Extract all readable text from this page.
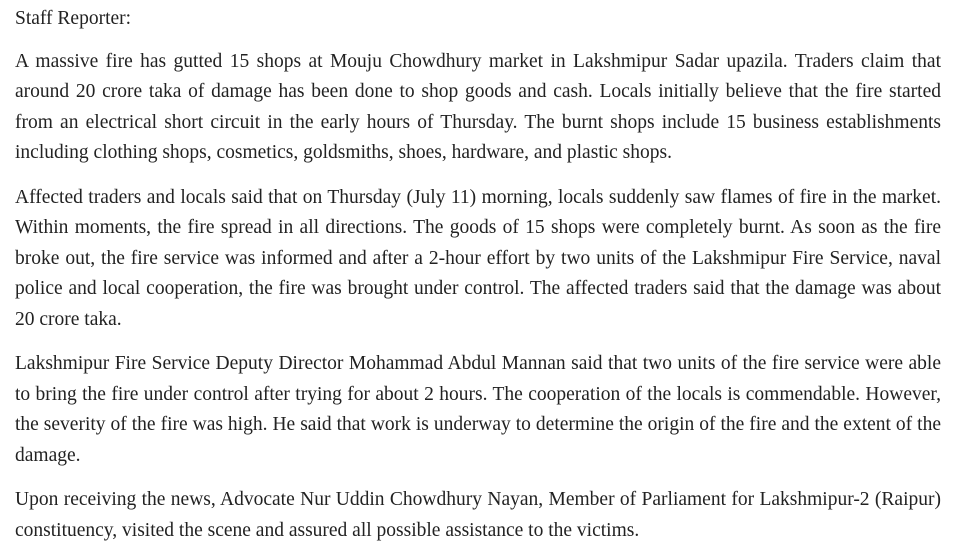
Staff Reporter:

A massive fire has gutted 15 shops at Mouju Chowdhury market in Lakshmipur Sadar upazila. Traders claim that around 20 crore taka of damage has been done to shop goods and cash. Locals initially believe that the fire started from an electrical short circuit in the early hours of Thursday. The burnt shops include 15 business establishments including clothing shops, cosmetics, goldsmiths, shoes, hardware, and plastic shops.

Affected traders and locals said that on Thursday (July 11) morning, locals suddenly saw flames of fire in the market. Within moments, the fire spread in all directions. The goods of 15 shops were completely burnt. As soon as the fire broke out, the fire service was informed and after a 2-hour effort by two units of the Lakshmipur Fire Service, naval police and local cooperation, the fire was brought under control. The affected traders said that the damage was about 20 crore taka.

Lakshmipur Fire Service Deputy Director Mohammad Abdul Mannan said that two units of the fire service were able to bring the fire under control after trying for about 2 hours. The cooperation of the locals is commendable. However, the severity of the fire was high. He said that work is underway to determine the origin of the fire and the extent of the damage.

Upon receiving the news, Advocate Nur Uddin Chowdhury Nayan, Member of Parliament for Lakshmipur-2 (Raipur) constituency, visited the scene and assured all possible assistance to the victims.
